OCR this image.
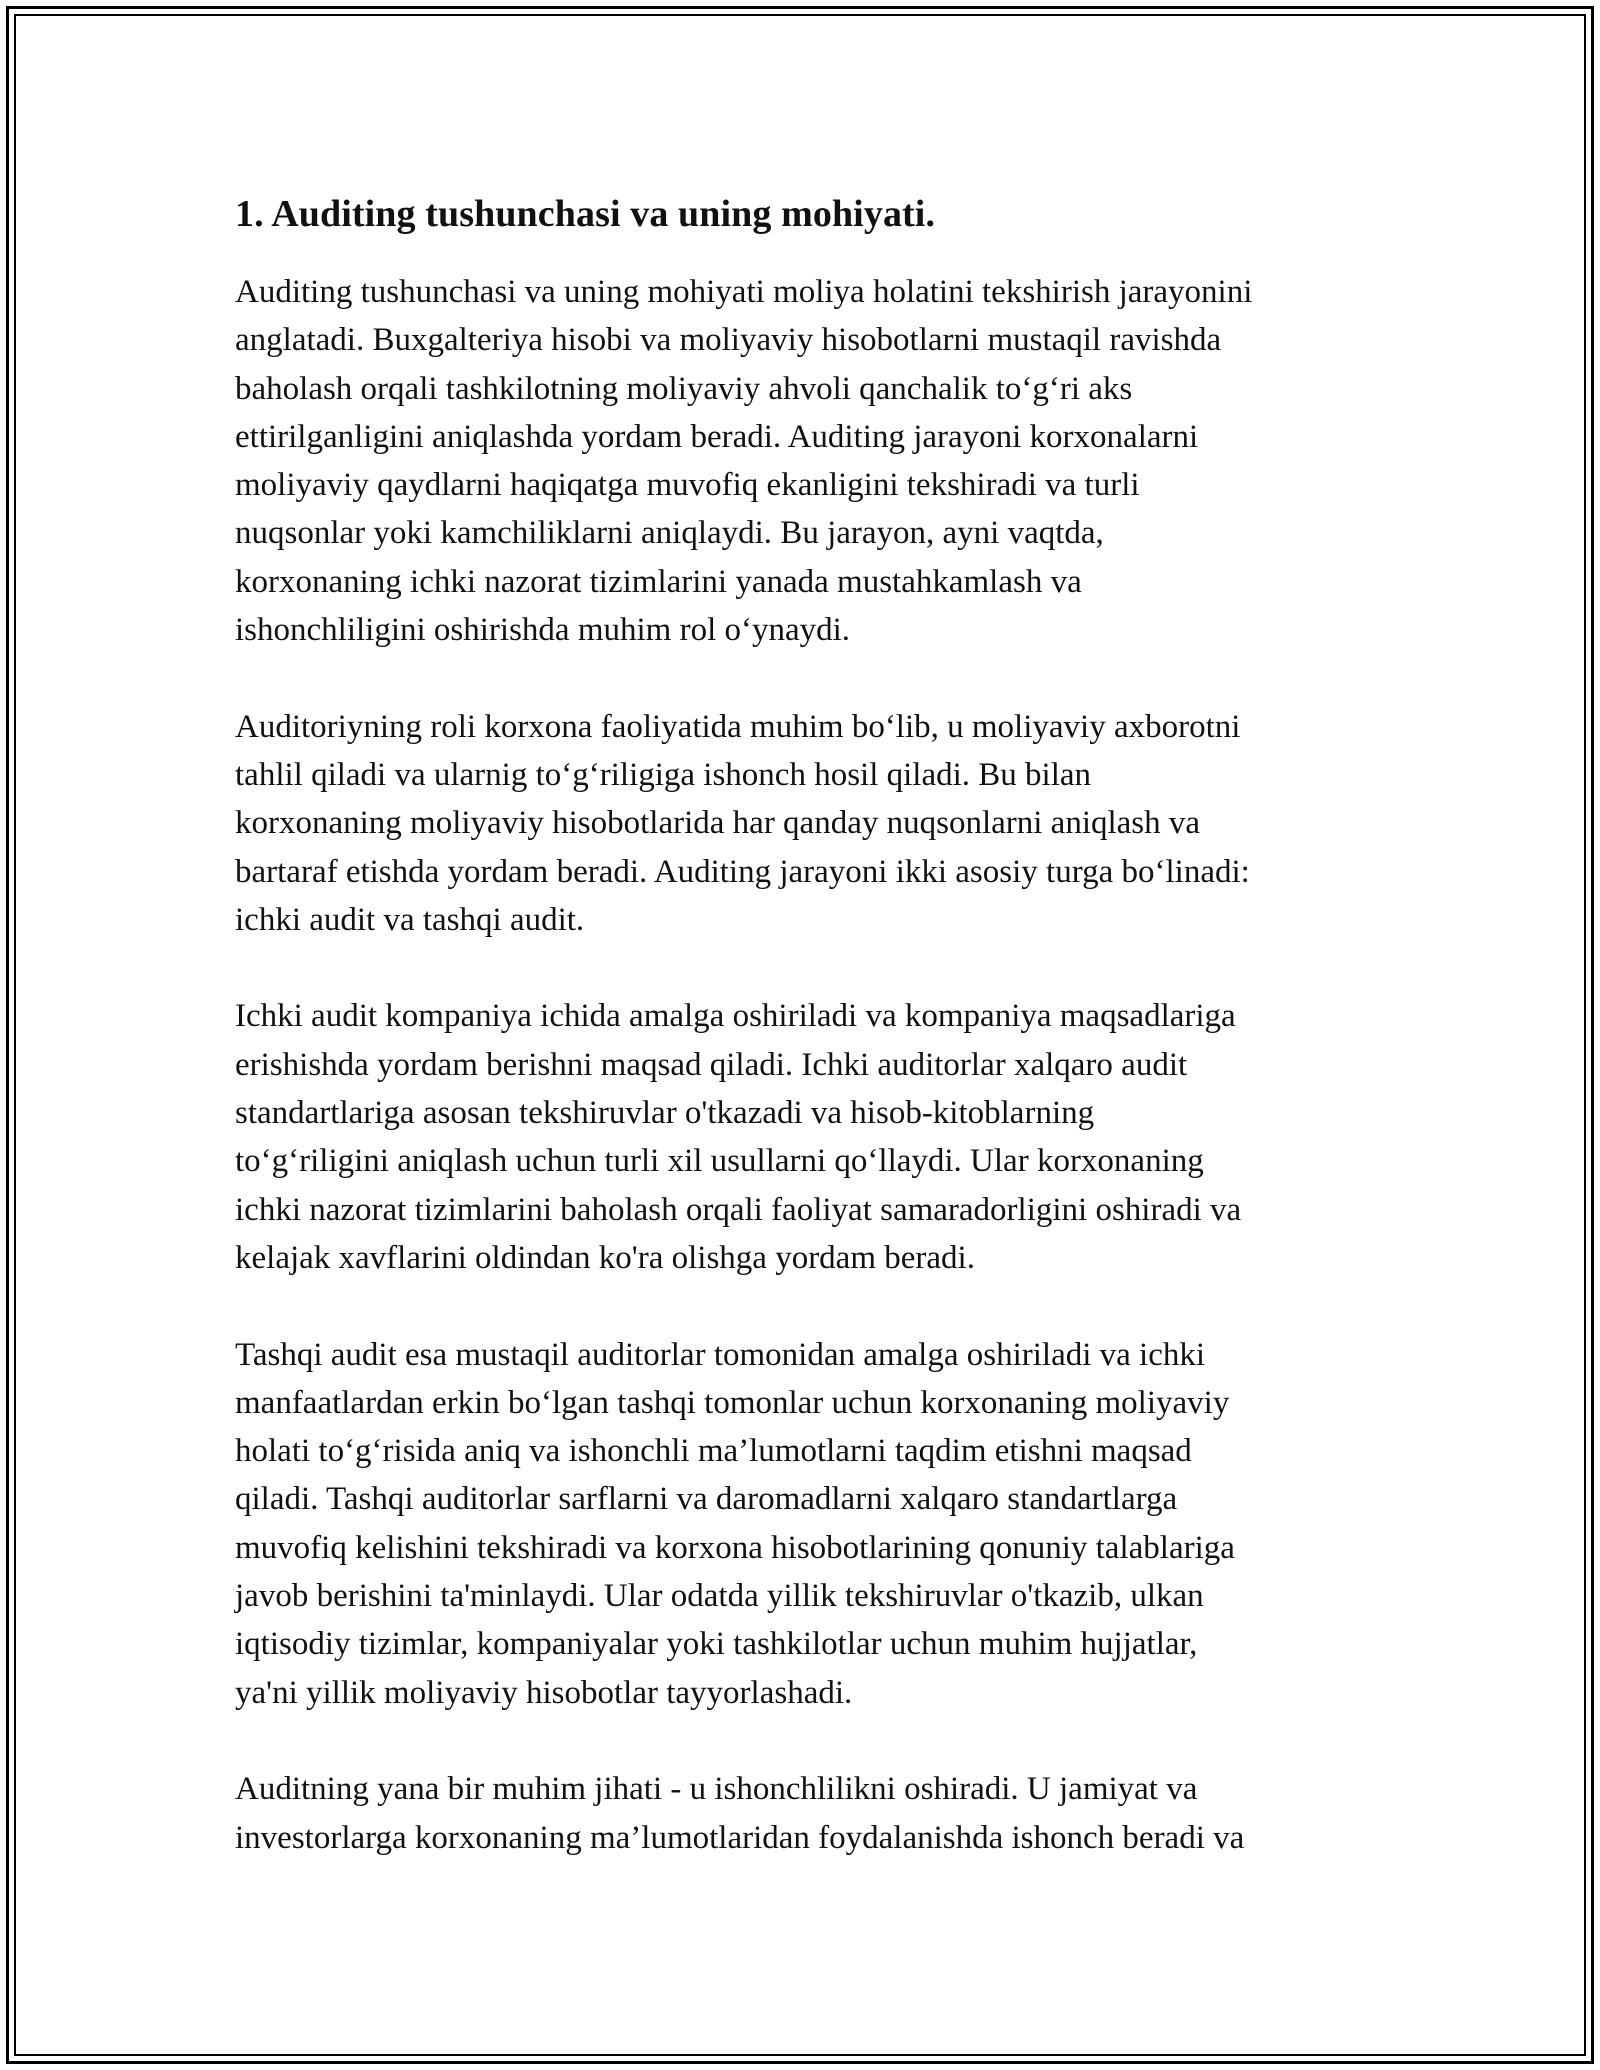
1. Auditing tushunchasi va uning mohiyati.

Auditing tushunchasi va uning mohiyati moliya holatini tekshirish jarayonini
anglatadi. Buxgalteriya hisobi va moliyaviy hisobotlarni mustaqil ravishda
baholash orqali tashkilotning moliyaviy ahvoli qanchalik to‘g‘ri aks
ettirilganligini aniqlashda yordam beradi. Auditing jarayoni korxonalarni
moliyaviy qaydlarni haqiqatga muvofiq ekanligini tekshiradi va turli
nuqsonlar yoki kamchiliklarni aniqlaydi. Bu jarayon, ayni vaqtda,
korxonaning ichki nazorat tizimlarini yanada mustahkamlash va
ishonchliligini oshirishda muhim rol o‘ynaydi.

Auditoriyning roli korxona faoliyatida muhim bo‘lib, u moliyaviy axborotni
tahlil qiladi va ularnig to‘g‘riligiga ishonch hosil qiladi. Bu bilan
korxonaning moliyaviy hisobotlarida har qanday nuqsonlarni aniqlash va
bartaraf etishda yordam beradi. Auditing jarayoni ikki asosiy turga bo‘linadi:
ichki audit va tashqi audit.

Ichki audit kompaniya ichida amalga oshiriladi va kompaniya maqsadlariga
erishishda yordam berishni maqsad qiladi. Ichki auditorlar xalqaro audit
standartlariga asosan tekshiruvlar o'tkazadi va hisob-kitoblarning
to‘g‘riligini aniqlash uchun turli xil usullarni qo‘llaydi. Ular korxonaning
ichki nazorat tizimlarini baholash orqali faoliyat samaradorligini oshiradi va
kelajak xavflarini oldindan ko'ra olishga yordam beradi.

Tashqi audit esa mustaqil auditorlar tomonidan amalga oshiriladi va ichki
manfaatlardan erkin bo‘lgan tashqi tomonlar uchun korxonaning moliyaviy
holati to‘g‘risida aniq va ishonchli ma’lumotlarni taqdim etishni maqsad
qiladi. Tashqi auditorlar sarflarni va daromadlarni xalqaro standartlarga
muvofiq kelishini tekshiradi va korxona hisobotlarining qonuniy talablariga
javob berishini ta'minlaydi. Ular odatda yillik tekshiruvlar o'tkazib, ulkan
iqtisodiy tizimlar, kompaniyalar yoki tashkilotlar uchun muhim hujjatlar,
ya'ni yillik moliyaviy hisobotlar tayyorlashadi.

Auditning yana bir muhim jihati - u ishonchlilikni oshiradi. U jamiyat va
investorlarga korxonaning ma’lumotlaridan foydalanishda ishonch beradi va
